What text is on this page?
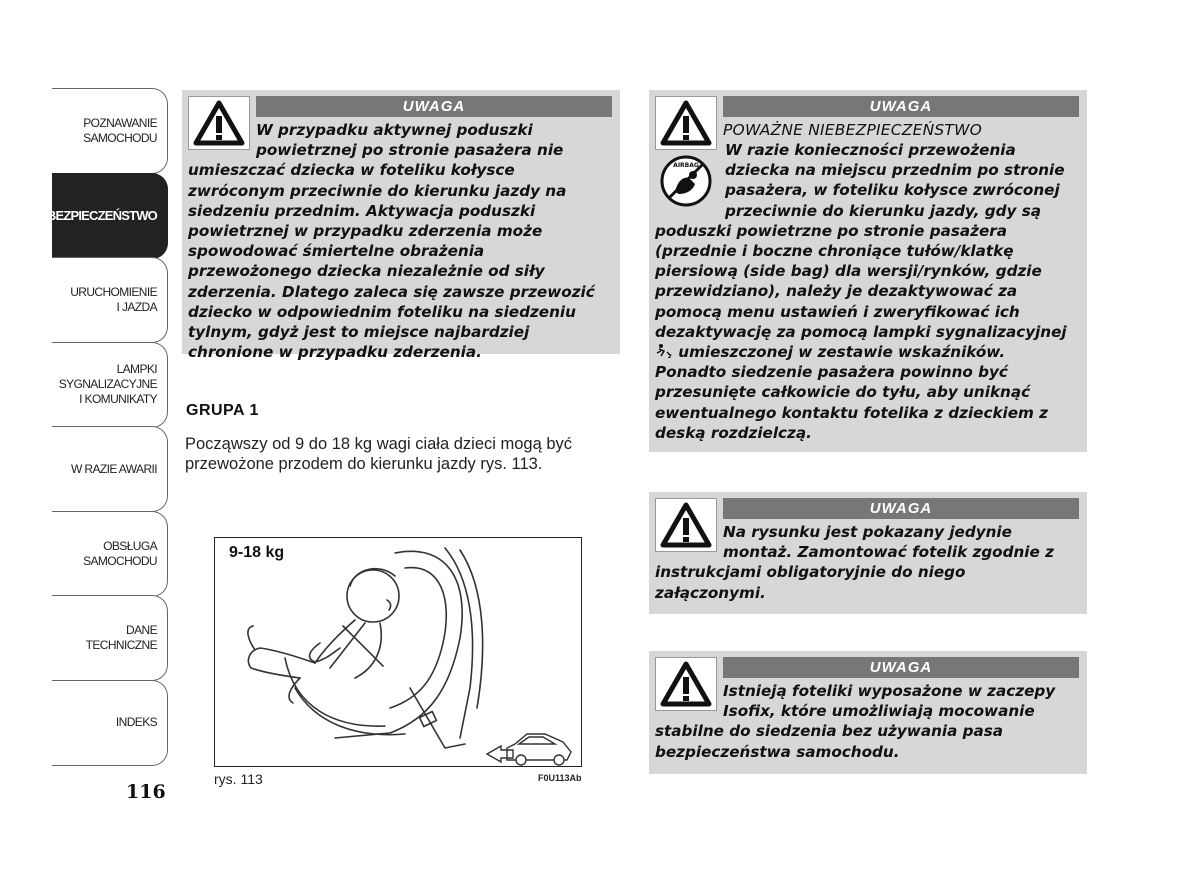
POZNAWANIE
SAMOCHODU
BEZPIECZEŃSTWO
URUCHOMIENIE
I JAZDA
LAMPKI
SYGNALIZACYJNE
I KOMUNIKATY
W RAZIE AWARII
OBSŁUGA
SAMOCHODU
DANE
TECHNICZNE
INDEKS
116
UWAGA
W przypadku aktywnej poduszki powietrznej po stronie pasażera nie umieszczać dziecka w foteliku kołysce zwróconym przeciwnie do kierunku jazdy na siedzeniu przednim. Aktywacja poduszki powietrznej w przypadku zderzenia może spowodować śmiertelne obrażenia przewożonego dziecka niezależnie od siły zderzenia. Dlatego zaleca się zawsze przewozić dziecko w odpowiednim foteliku na siedzeniu tylnym, gdyż jest to miejsce najbardziej chronione w przypadku zderzenia.
GRUPA 1
Począwszy od 9 do 18 kg wagi ciała dzieci mogą być przewożone przodem do kierunku jazdy rys. 113.
9-18 kg
rys. 113	F0U113Ab
UWAGA
POWAŻNE NIEBEZPIECZEŃSTWO
AIRBAG
W razie konieczności przewożenia dziecka na miejscu przednim po stronie pasażera, w foteliku kołysce zwróconej przeciwnie do kierunku jazdy, gdy są poduszki powietrzne po stronie pasażera (przednie i boczne chroniące tułów/klatkę piersiową (side bag) dla wersji/rynków, gdzie przewidziano), należy je dezaktywować za pomocą menu ustawień i zweryfikować ich dezaktywację za pomocą lampki sygnalizacyjnej
2 umieszczonej w zestawie wskaźników. Ponadto siedzenie pasażera powinno być przesunięte całkowicie do tyłu, aby uniknąć ewentualnego kontaktu fotelika z dzieckiem z deską rozdzielczą.
UWAGA
Na rysunku jest pokazany jedynie montaż. Zamontować fotelik zgodnie z instrukcjami obligatoryjnie do niego załączonymi.
UWAGA
Istnieją foteliki wyposażone w zaczepy Isofix, które umożliwiają mocowanie stabilne do siedzenia bez używania pasa bezpieczeństwa samochodu.
